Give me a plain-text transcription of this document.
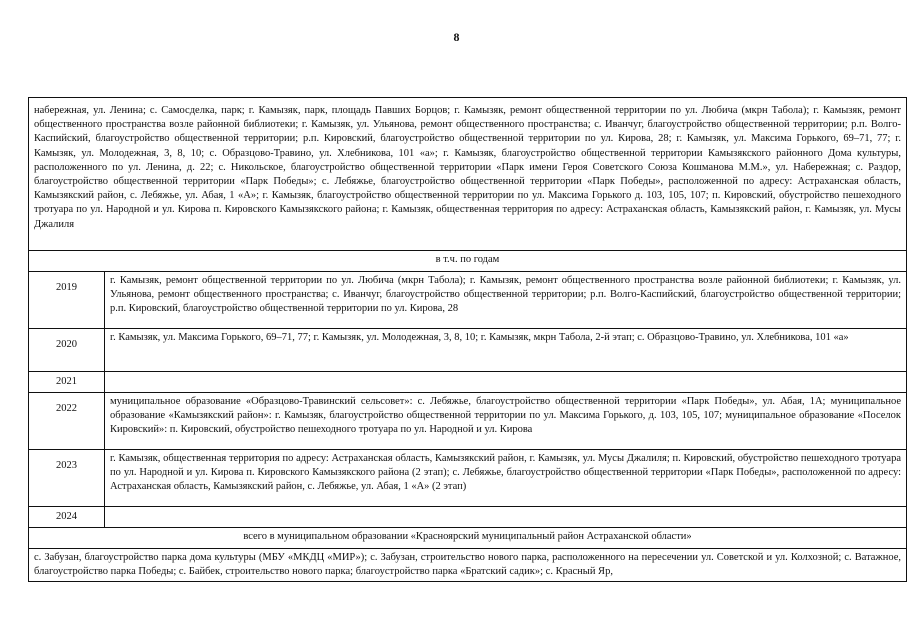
8
набережная, ул. Ленина; с. Самосделка, парк; г. Камызяк, парк, площадь Павших Борцов; г. Камызяк, ремонт общественной территории по ул. Любича (мкрн Табола); г. Камызяк, ремонт общественного пространства возле районной библиотеки; г. Камызяк, ул. Ульянова, ремонт общественного пространства; с. Иванчуг, благоустройство общественной территории; р.п. Волго-Каспийский, благоустройство общественной территории; р.п. Кировский, благоустройство общественной территории по ул. Кирова, 28; г. Камызяк, ул. Максима Горького, 69–71, 77; г. Камызяк, ул. Молодежная, 3, 8, 10; с. Образцово-Травино, ул. Хлебникова, 101 «а»; г. Камызяк, благоустройство общественной территории Камызякского районного Дома культуры, расположенного по ул. Ленина, д. 22; с. Никольское, благоустройство общественной территории «Парк имени Героя Советского Союза Кошманова М.М.», ул. Набережная; с. Раздор, благоустройство общественной территории «Парк Победы»; с. Лебяжье, благоустройство общественной территории «Парк Победы», расположенной по адресу: Астраханская область, Камызякский район, с. Лебяжье, ул. Абая, 1 «А»; г. Камызяк, благоустройство общественной территории по ул. Максима Горького д. 103, 105, 107; п. Кировский, обустройство пешеходного тротуара по ул. Народной и ул. Кирова п. Кировского Камызякского района; г. Камызяк, общественная территория по адресу: Астраханская область, Камызякский район, г. Камызяк, ул. Мусы Джалиля	
в т.ч. по годам	
2019	г. Камызяк, ремонт общественной территории по ул. Любича (мкрн Табола); г. Камызяк, ремонт общественного пространства возле районной библиотеки; г. Камызяк, ул. Ульянова, ремонт общественного пространства; с. Иванчуг, благоустройство общественной территории; р.п. Волго-Каспийский, благоустройство общественной территории; р.п. Кировский, благоустройство общественной территории по ул. Кирова, 28
2020	г. Камызяк, ул. Максима Горького, 69–71, 77; г. Камызяк, ул. Молодежная, 3, 8, 10; г. Камызяк, мкрн Табола, 2-й этап; с. Образцово-Травино, ул. Хлебникова, 101 «а»
2021	
2022	муниципальное образование «Образцово-Травинский сельсовет»: с. Лебяжье, благоустройство общественной территории «Парк Победы», ул. Абая, 1А; муниципальное образование «Камызякский район»: г. Камызяк, благоустройство общественной территории по ул. Максима Горького, д. 103, 105, 107; муниципальное образование «Поселок Кировский»: п. Кировский, обустройство пешеходного тротуара по ул. Народной и ул. Кирова
2023	г. Камызяк, общественная территория по адресу: Астраханская область, Камызякский район, г. Камызяк, ул. Мусы Джалиля; п. Кировский, обустройство пешеходного тротуара по ул. Народной и ул. Кирова п. Кировского Камызякского района (2 этап); с. Лебяжье, благоустройство общественной территории «Парк Победы», расположенной по адресу: Астраханская область, Камызякский район, с. Лебяжье, ул. Абая, 1 «А» (2 этап)
2024	
всего в муниципальном образовании «Красноярский муниципальный район Астраханской области»	
с. Забузан, благоустройство парка дома культуры (МБУ «МКДЦ «МИР»); с. Забузан, строительство нового парка, расположенного на пересечении ул. Советской и ул. Колхозной; с. Ватажное, благоустройство парка Победы; с. Байбек, строительство нового парка; благоустройство парка «Братский садик»; с. Красный Яр,	
